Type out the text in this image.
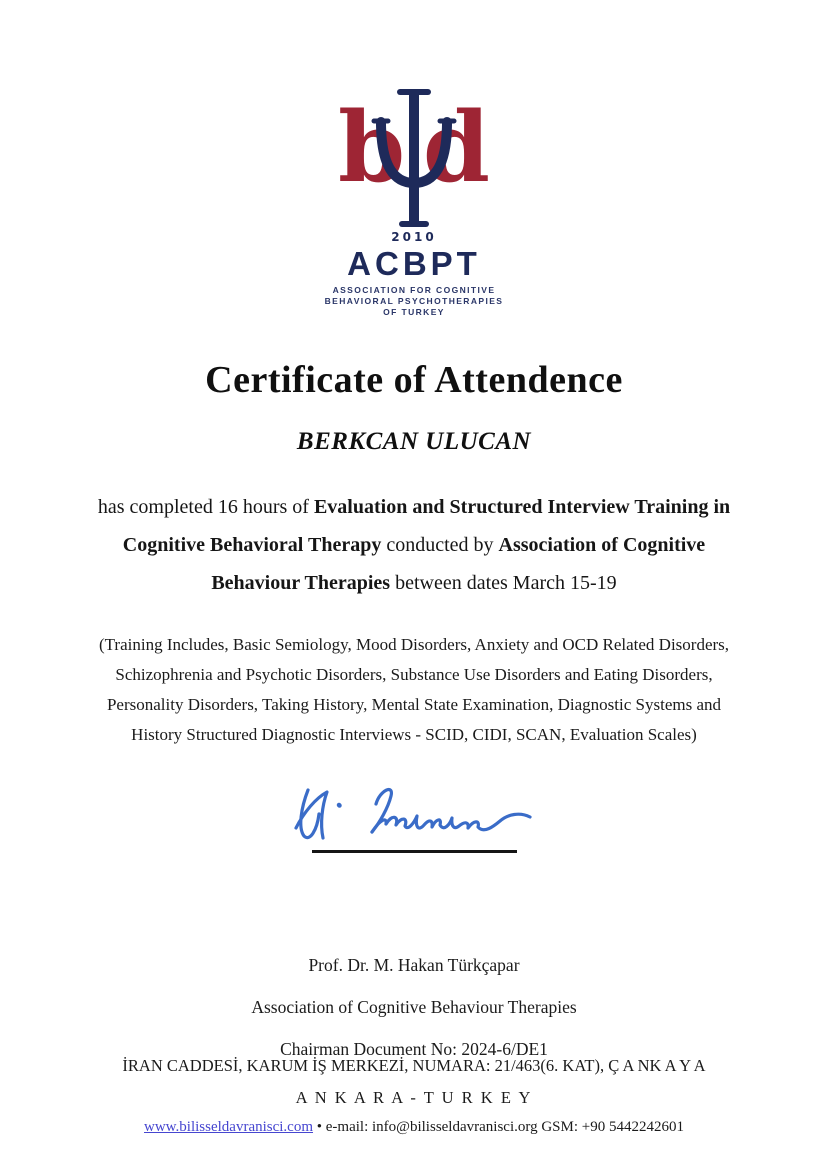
b d
2010
ACBPT
ASSOCIATION FOR COGNITIVE
BEHAVIORAL PSYCHOTHERAPIES
OF TURKEY
Certificate of Attendence
BERKCAN ULUCAN
has completed 16 hours of Evaluation and Structured Interview Training in Cognitive Behavioral Therapy conducted by Association of Cognitive Behaviour Therapies between dates March 15-19
(Training Includes, Basic Semiology, Mood Disorders, Anxiety and OCD Related Disorders, Schizophrenia and Psychotic Disorders, Substance Use Disorders and Eating Disorders, Personality Disorders, Taking History, Mental State Examination, Diagnostic Systems and History Structured Diagnostic Interviews - SCID, CIDI, SCAN, Evaluation Scales)
Prof. Dr. M. Hakan Türkçapar
Association of Cognitive Behaviour Therapies
Chairman Document No: 2024-6/DE1
İRAN CADDESİ, KARUM İŞ MERKEZİ, NUMARA: 21/463(6. KAT), Ç A NK A Y A
A N K A R A - T U R K E Y
www.bilisseldavranisci.com • e-mail: info@bilisseldavranisci.org GSM: +90 5442242601
